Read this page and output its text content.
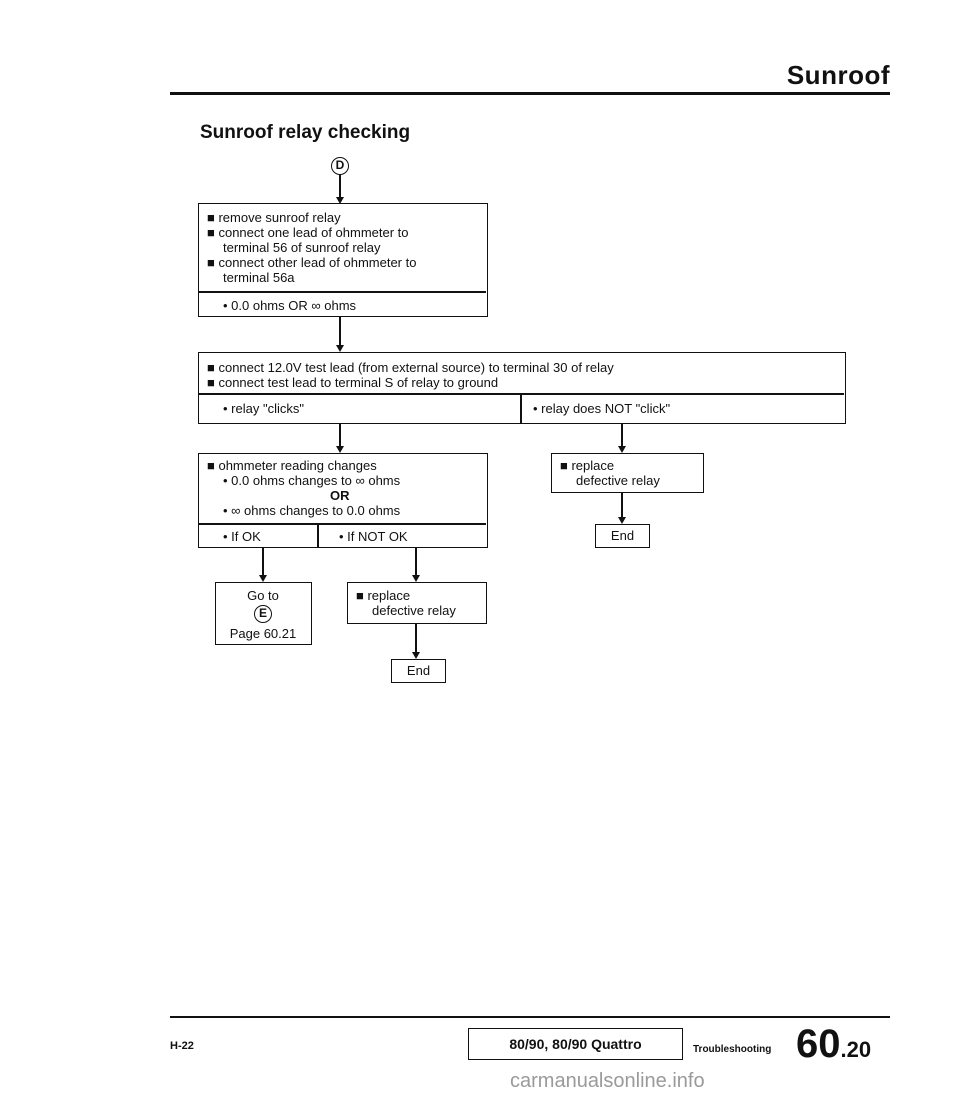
Sunroof
Sunroof relay checking
D
■ remove sunroof relay
■ connect one lead of ohmmeter to
terminal 56 of sunroof relay
■ connect other lead of ohmmeter to
terminal 56a
• 0.0 ohms OR ∞ ohms
■ connect 12.0V test lead (from external source) to terminal 30 of relay
■ connect test lead to terminal S of relay to ground
• relay "clicks"	• relay does NOT "click"
■ ohmmeter reading changes
• 0.0 ohms changes to ∞ ohms
OR
• ∞ ohms changes to 0.0 ohms
• If OK	• If NOT OK
■ replace
defective relay
End
Go to
E
Page 60.21
■ replace
defective relay
End
H-22	80/90, 80/90 Quattro	Troubleshooting 60.20
carmanualsonline.info
